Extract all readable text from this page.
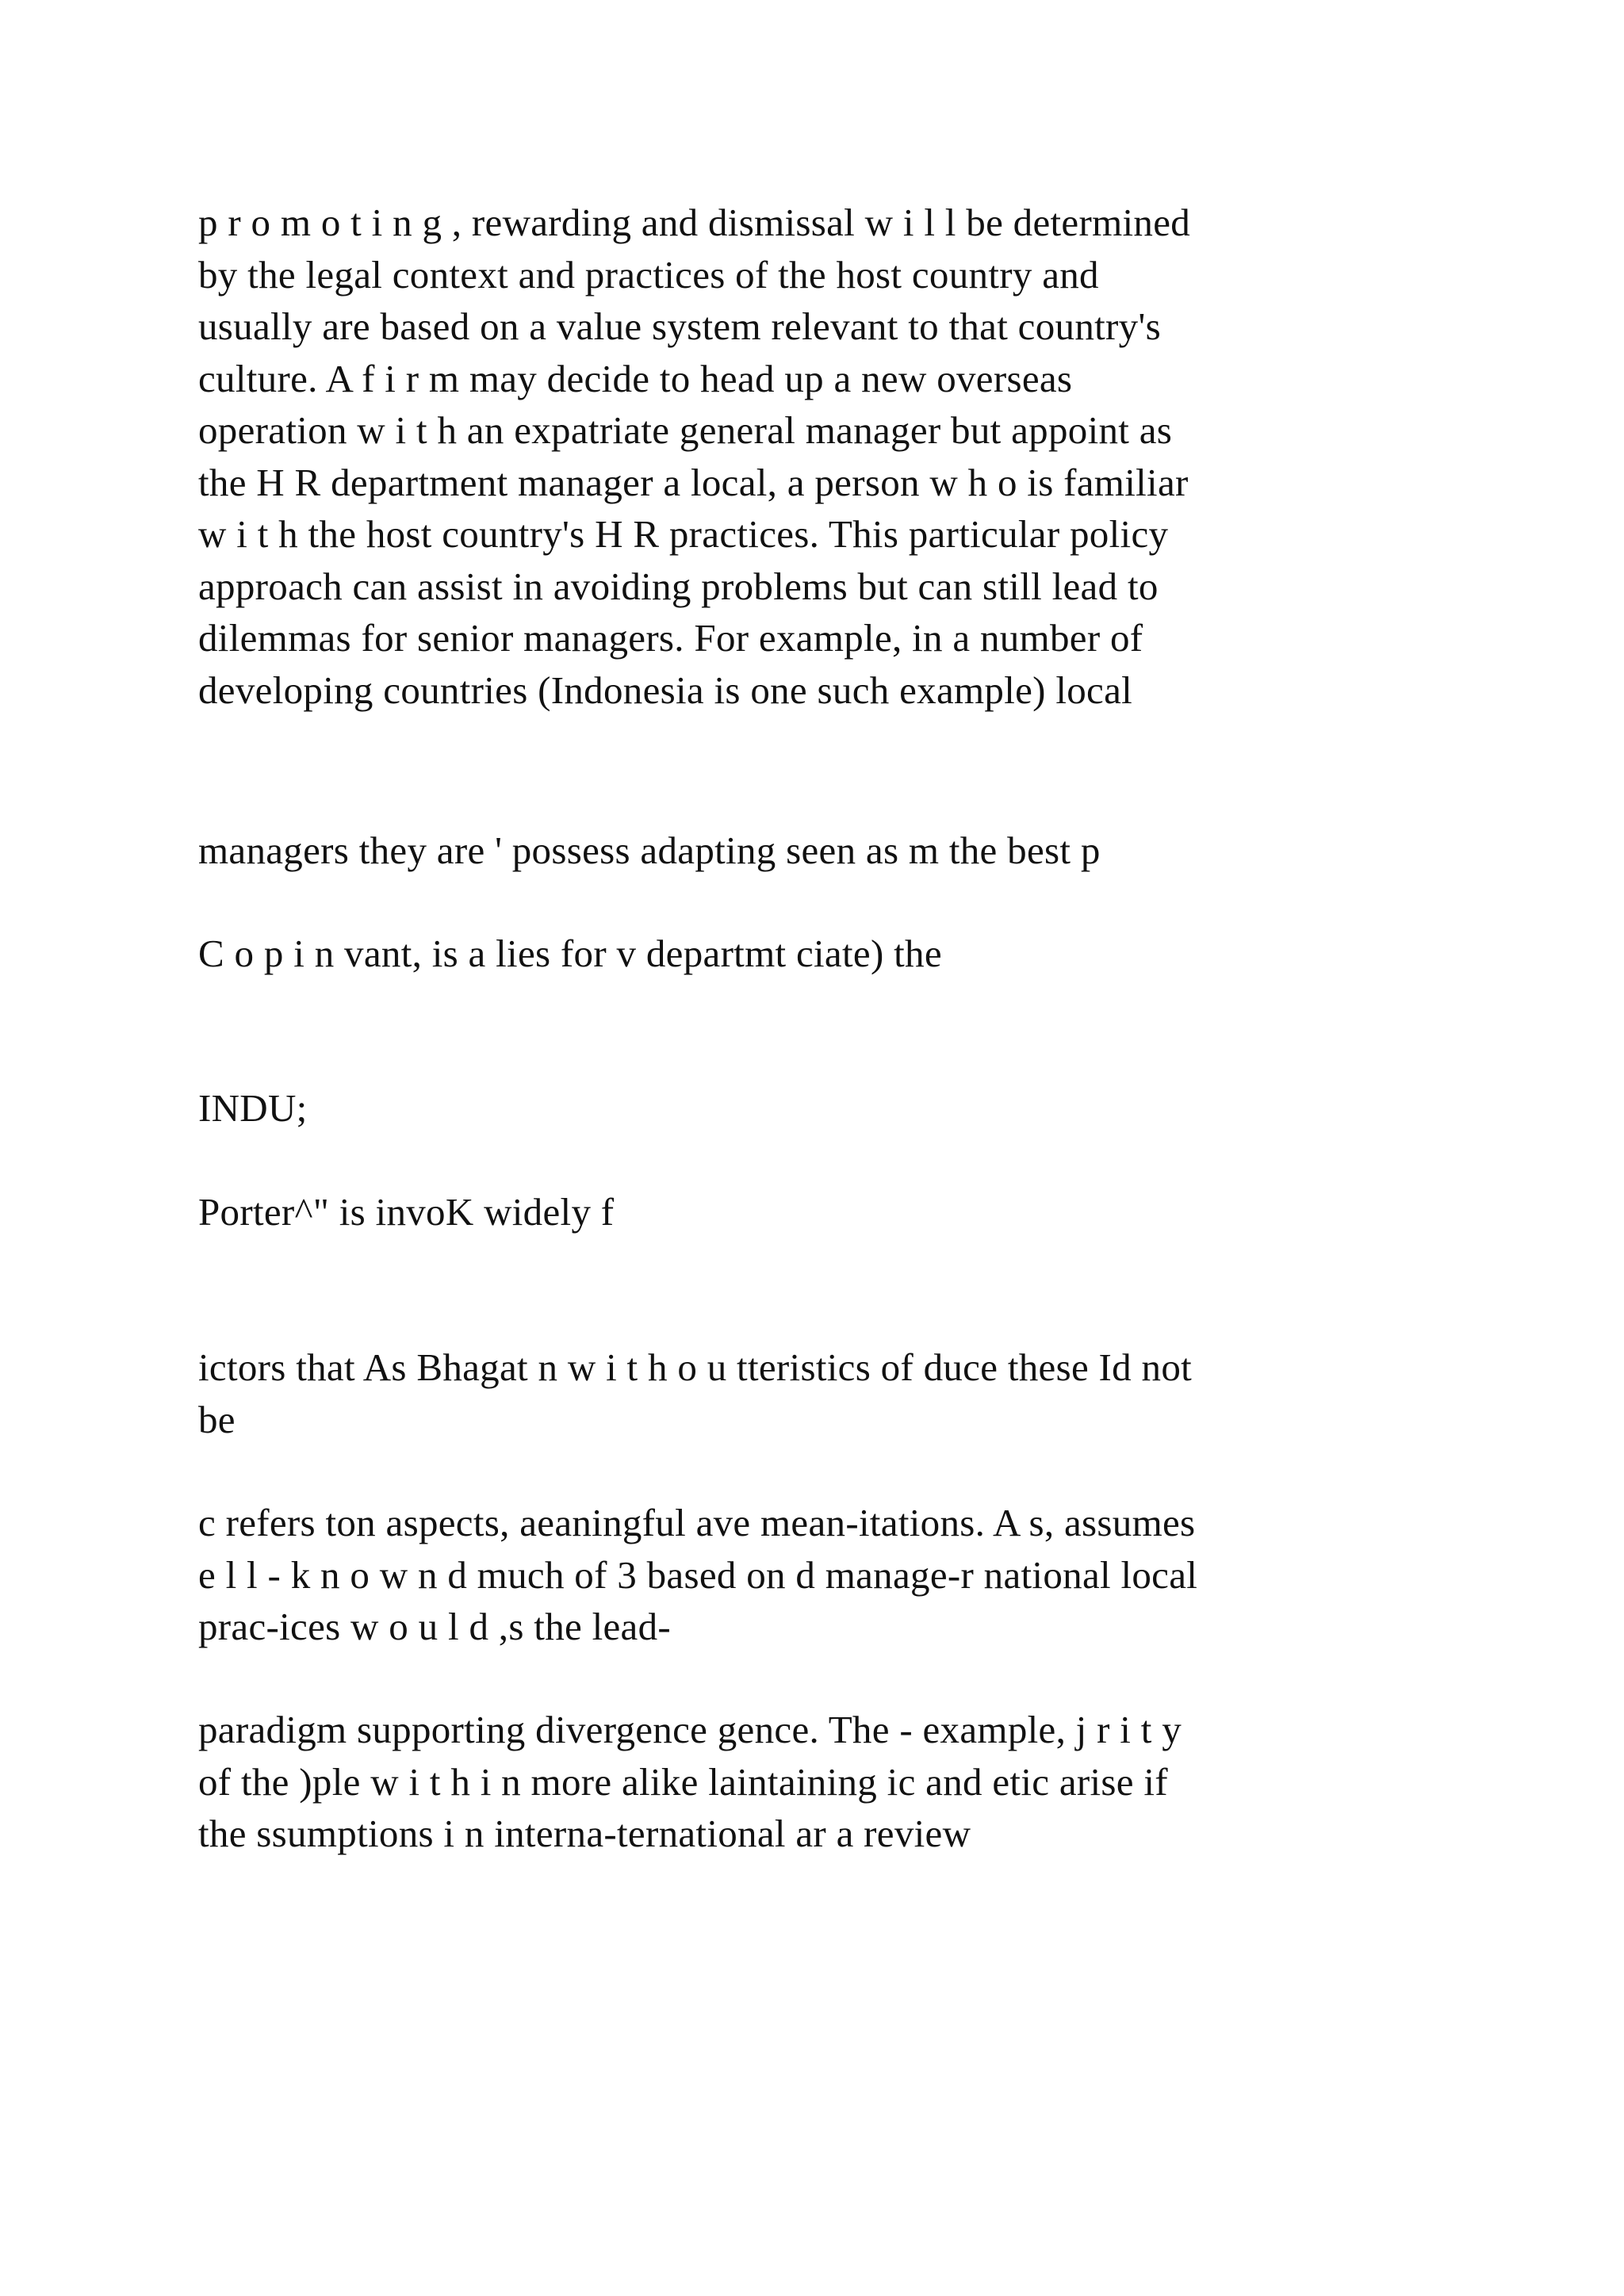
p r o m o t i n g , rewarding and dismissal w i l l be determined
by the legal context and practices of the host country and
usually are based on a value system relevant to that country's
culture. A f i r m may decide to head up a new overseas
operation w i t h an expatriate general manager but appoint as
the H R department manager a local, a person w h o is familiar
w i t h the host country's H R practices. This particular policy
approach can assist in avoiding problems but can still lead to
dilemmas for senior managers. For example, in a number of
developing countries (Indonesia is one such example) local

managers they are ' possess adapting seen as m the best p

C o p i n vant, is a lies for v departmt ciate) the

INDU;

Porter^" is invoK widely f

ictors that As Bhagat n w i t h o u tteristics of duce these Id not
be

c refers ton aspects, aeaningful ave mean-itations. A s, assumes
e l l - k n o w n d much of 3 based on d manage-r national local
prac-ices w o u l d ,s the lead-

paradigm supporting divergence gence. The - example, j r i t y
of the )ple w i t h i n more alike laintaining ic and etic arise if
the ssumptions i n interna-ternational ar a review
